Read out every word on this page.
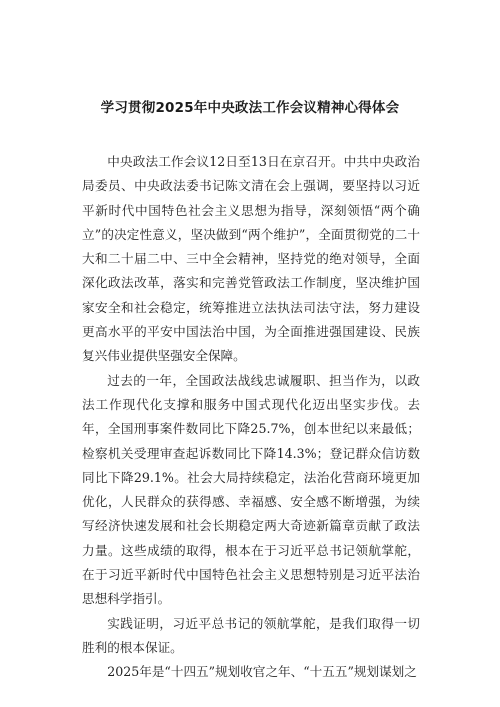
学习贯彻2025年中央政法工作会议精神心得体会

中央政法工作会议12日至13日在京召开。中共中央政治局委员、中央政法委书记陈文清在会上强调，要坚持以习近平新时代中国特色社会主义思想为指导，深刻领悟“两个确立”的决定性意义，坚决做到“两个维护”，全面贯彻党的二十大和二十届二中、三中全会精神，坚持党的绝对领导，全面深化政法改革，落实和完善党管政法工作制度，坚决维护国家安全和社会稳定，统筹推进立法执法司法守法，努力建设更高水平的平安中国法治中国，为全面推进强国建设、民族复兴伟业提供坚强安全保障。

过去的一年，全国政法战线忠诚履职、担当作为，以政法工作现代化支撑和服务中国式现代化迈出坚实步伐。去年，全国刑事案件数同比下降25.7%，创本世纪以来最低；检察机关受理审查起诉数同比下降14.3%；登记群众信访数同比下降29.1%。社会大局持续稳定，法治化营商环境更加优化，人民群众的获得感、幸福感、安全感不断增强，为续写经济快速发展和社会长期稳定两大奇迹新篇章贡献了政法力量。这些成绩的取得，根本在于习近平总书记领航掌舵，在于习近平新时代中国特色社会主义思想特别是习近平法治思想科学指引。

实践证明，习近平总书记的领航掌舵，是我们取得一切胜利的根本保证。

2025年是“十四五”规划收官之年、“十五五”规划谋划之
